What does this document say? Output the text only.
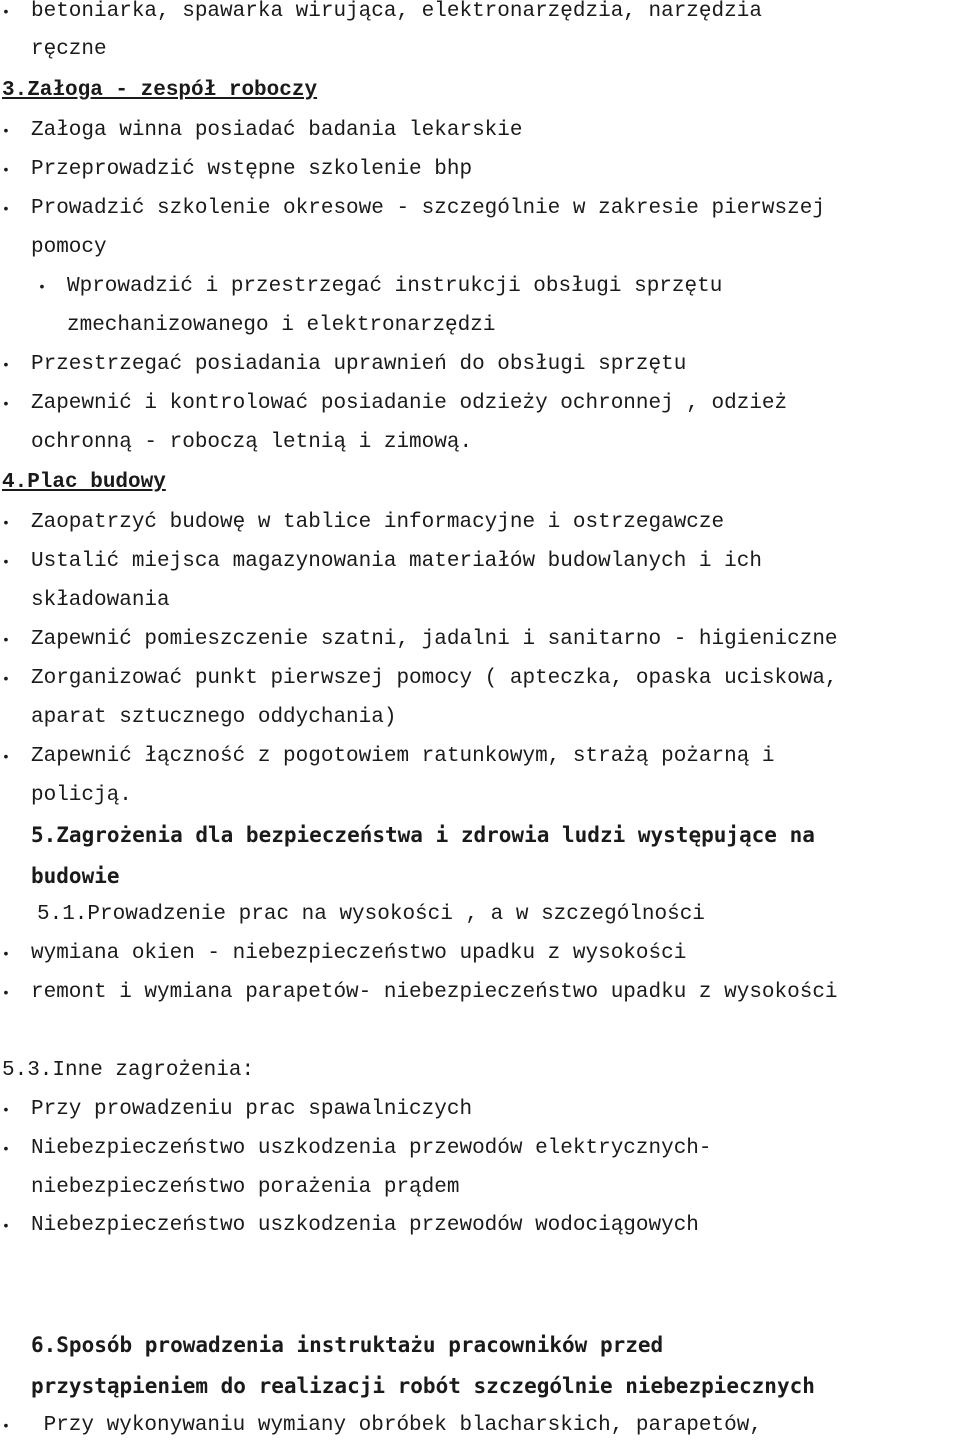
•
betoniarka, spawarka wirująca, elektronarzędzia, narzędzia
ręczne
3.Załoga - zespół roboczy
•
Załoga winna posiadać badania lekarskie
•
Przeprowadzić wstępne szkolenie bhp
•
Prowadzić szkolenie okresowe - szczególnie w zakresie pierwszej
pomocy
•
Wprowadzić i przestrzegać instrukcji obsługi sprzętu
zmechanizowanego i elektronarzędzi
•
Przestrzegać posiadania uprawnień do obsługi sprzętu
•
Zapewnić i kontrolować posiadanie odzieży ochronnej , odzież
ochronną - roboczą letnią i zimową.
4.Plac budowy
•
Zaopatrzyć budowę w tablice informacyjne i ostrzegawcze
•
Ustalić miejsca magazynowania materiałów budowlanych i ich
składowania
•
Zapewnić pomieszczenie szatni, jadalni i sanitarno - higieniczne
•
Zorganizować punkt pierwszej pomocy ( apteczka, opaska uciskowa,
aparat sztucznego oddychania)
•
Zapewnić łączność z pogotowiem ratunkowym, strażą pożarną i
policją.
5.Zagrożenia dla bezpieczeństwa i zdrowia ludzi występujące na
budowie
5.1.Prowadzenie prac na wysokości , a w szczególności
•
wymiana okien - niebezpieczeństwo upadku z wysokości
•
remont i wymiana parapetów- niebezpieczeństwo upadku z wysokości
5.3.Inne zagrożenia:
•
Przy prowadzeniu prac spawalniczych
•
Niebezpieczeństwo uszkodzenia przewodów elektrycznych-
niebezpieczeństwo porażenia prądem
•
Niebezpieczeństwo uszkodzenia przewodów wodociągowych
6.Sposób prowadzenia instruktażu pracowników przed
przystąpieniem do realizacji robót szczególnie niebezpiecznych
•
Przy wykonywaniu wymiany obróbek blacharskich, parapetów,
